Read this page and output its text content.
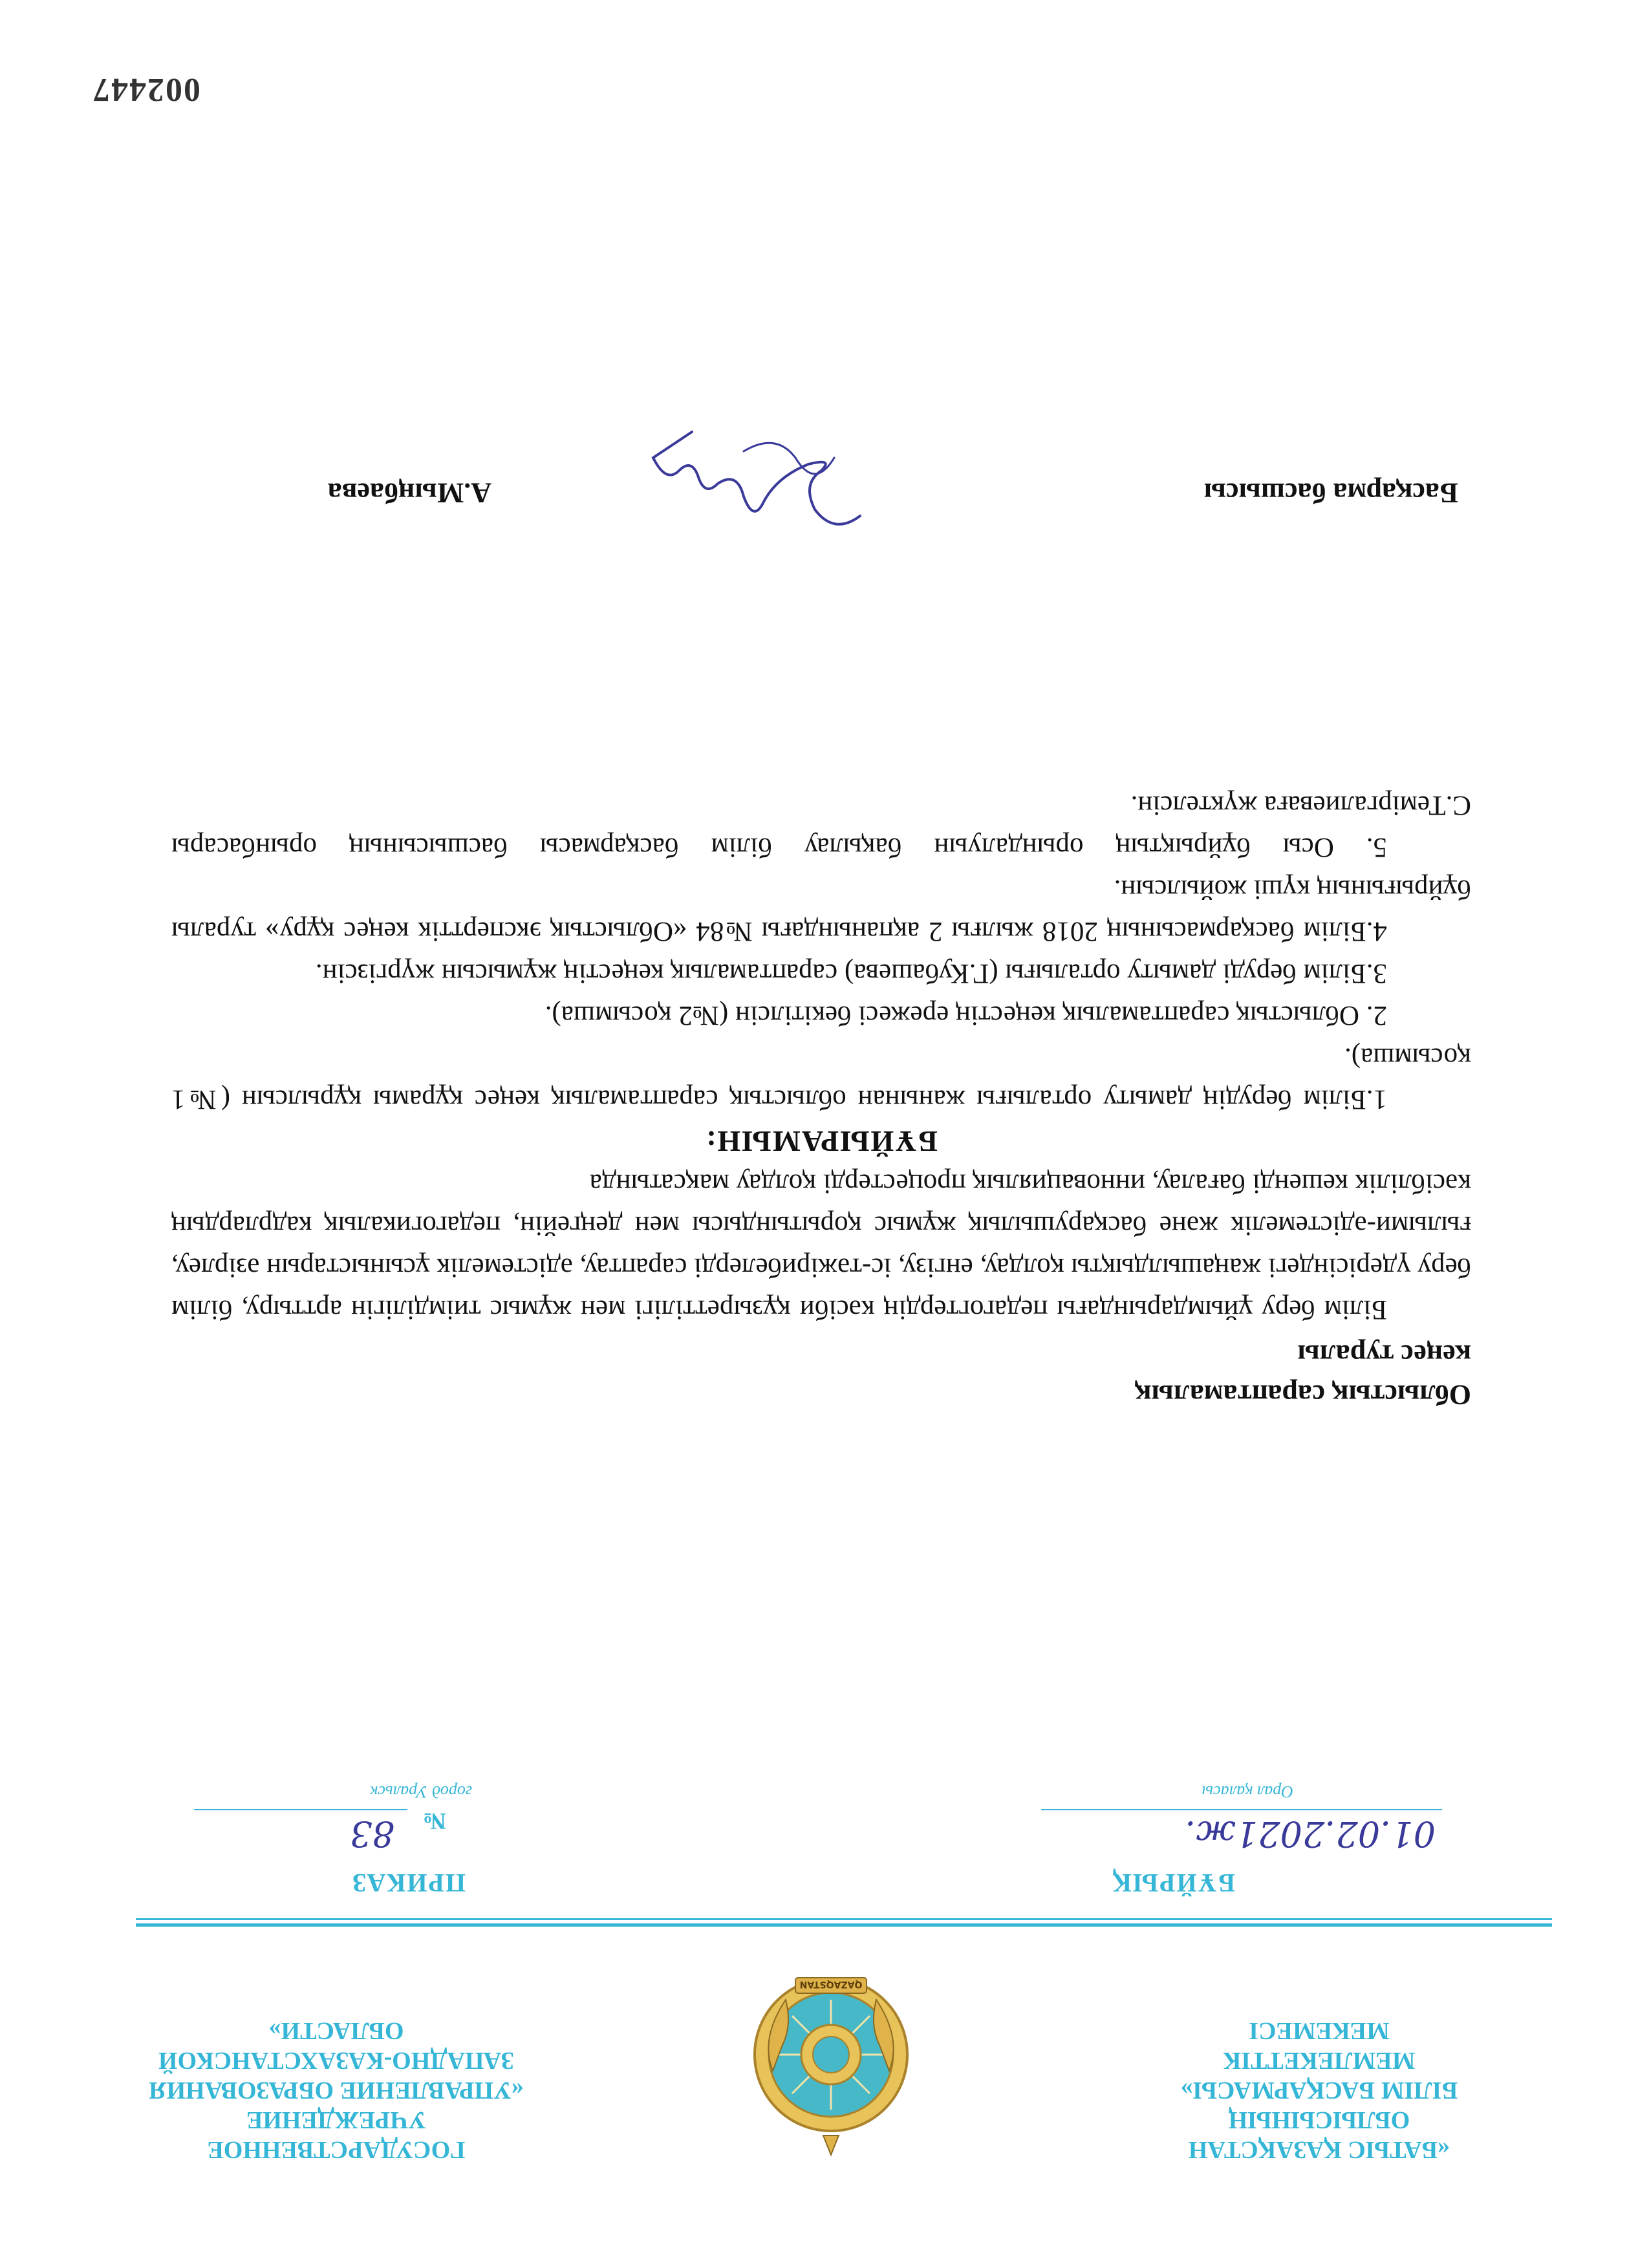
«БАТЫС ҚАЗАҚСТАН
ОБЛЫСЫНЫҢ
БІЛІМ БАСҚАРМАСЫ»
МЕМЛЕКЕТТІК
МЕКЕМЕСІ
QAZAQSTAN
ГОСУДАРСТВЕННОЕ
УЧРЕЖДЕНИЕ
«УПРАВЛЕНИЕ ОБРАЗОВАНИЯ
ЗАПАДНО-КАЗАХСТАНСКОЙ
ОБЛАСТИ»
БҰЙРЫҚ
ПРИКАЗ
01.02.2021ж.
№
83
Орал қаласы
город Уральск
Облыстық сараптамалық
кеңес туралы

Білім беру ұйымдарындағы педагогтердің кәсіби құзыреттілігі мен жұмыс тиімділігін арттыру, білім беру үдерісіндегі жаңашылдықты қолдау, енгізу, іс-тәжірибелерді сараптау, әдістемелік ұсыныстарын әзірлеу, ғылыми-әдістемелік және басқарушылық жұмыс қорытындысы мен деңгейін, педагогикалық кадрлардың кәсіблілік кешенді бағалау, инновациялық процестерді қолдау мақсатында

БҰЙЫРАМЫН:

1.Білім берудің дамыту орталығы жанынан облыстық сараптамалық кеңес құрамы құрылсын (№1 қосымша).

2. Облыстық сараптамалық кеңестің ережесі бекітілсін (№2 қосымша).

3.Білім беруді дамыту орталығы (Г.Кубашева) сараптамалық кеңестің жұмысын жүргізсін.

4.Білім басқармасының 2018 жылғы 2 ақпанындағы №84 «Облыстық эксперттік кеңес құру» туралы бұйрығының күші жойылсын.

5. Осы бұйрықтың орындалуын бақылау білім басқармасы басшысының орынбасары С.Теміргалиеваға жүктелсін.

Басқарма басшысы
А.Мыңбаева
002447
